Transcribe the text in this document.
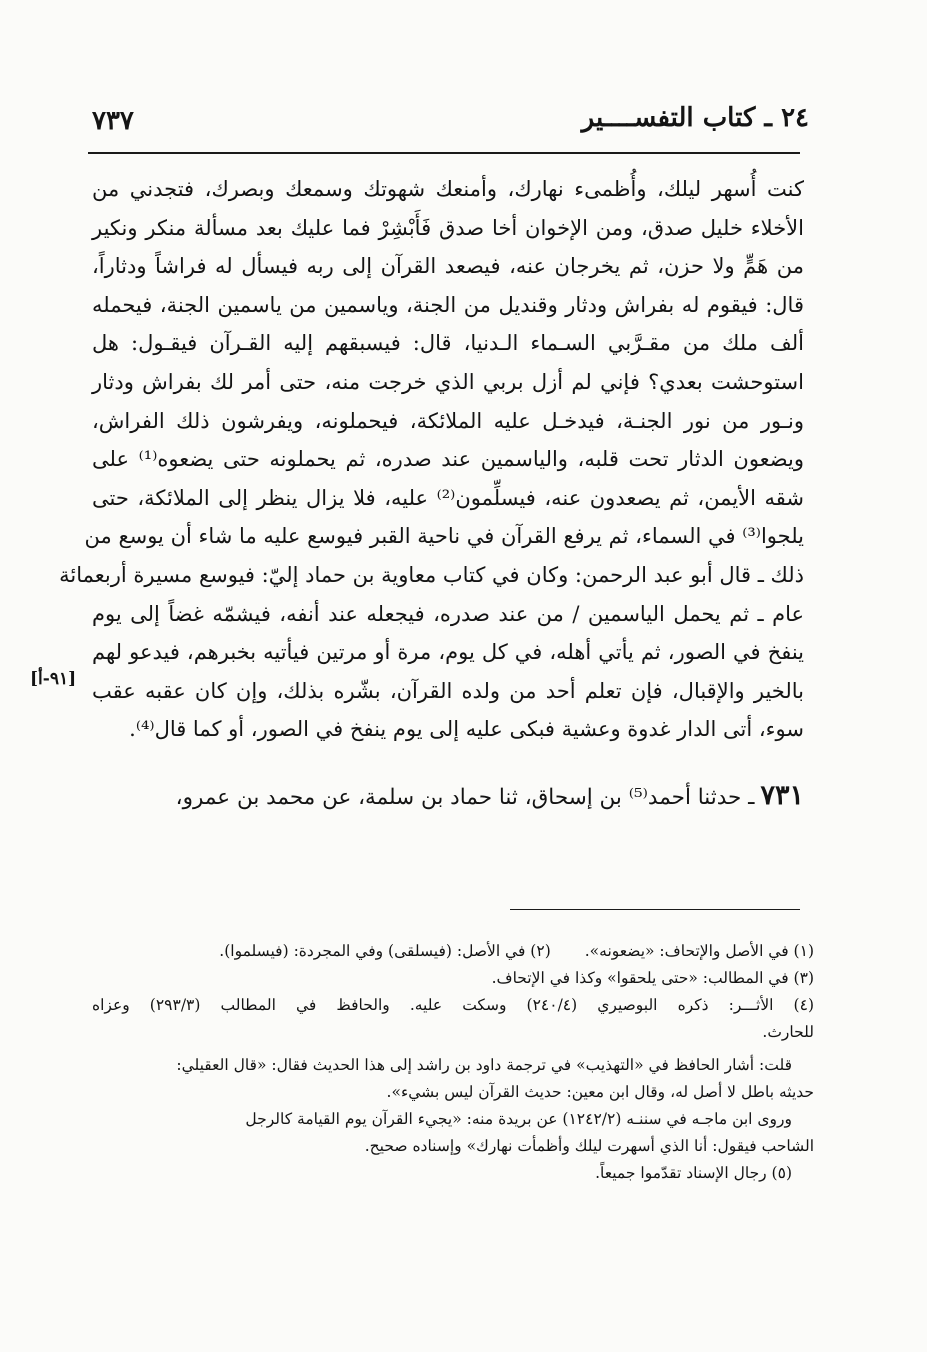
٢٤ ـ كتاب التفســــير
٧٣٧
كنت أُسهر ليلك، وأُظمىء نهارك، وأمنعك شهوتك وسمعك وبصرك، فتجدني من
الأخلاء خليل صدق، ومن الإخوان أخا صدق فَأَبْشِرْ فما عليك بعد مسألة منكر ونكير
من هَمٍّ ولا حزن، ثم يخرجان عنه، فيصعد القرآن إلى ربه فيسأل له فراشاً ودثاراً،
قال: فيقوم له بفراش ودثار وقنديل من الجنة، وياسمين من ياسمين الجنة، فيحمله
ألف ملك من مقـرَّبي السـماء الـدنيا، قال: فيسبقهم إليه القـرآن فيقـول: هل
استوحشت بعدي؟ فإني لم أزل بربي الذي خرجت منه، حتى أمر لك بفراش ودثار
ونـور من نور الجنـة، فيدخـل عليه الملائكة، فيحملونه، ويفرشون ذلك الفراش،
ويضعون الدثار تحت قلبه، والياسمين عند صدره، ثم يحملونه حتى يضعوه⁽¹⁾ على
شقه الأيمن، ثم يصعدون عنه، فيسلِّمون⁽²⁾ عليه، فلا يزال ينظر إلى الملائكة، حتى
يلجوا⁽³⁾ في السماء، ثم يرفع القرآن في ناحية القبر فيوسع عليه ما شاء أن يوسع من
ذلك ـ قال أبو عبد الرحمن: وكان في كتاب معاوية بن حماد إليّ: فيوسع مسيرة أربعمائة
عام ـ ثم يحمل الياسمين / من عند صدره، فيجعله عند أنفه، فيشمّه غضاً إلى يوم
ينفخ في الصور، ثم يأتي أهله، في كل يوم، مرة أو مرتين فيأتيه بخبرهم، فيدعو لهم
بالخير والإقبال، فإن تعلم أحد من ولده القرآن، بشّره بذلك، وإن كان عقبه عقب
سوء، أتى الدار غدوة وعشية فبكى عليه إلى يوم ينفخ في الصور، أو كما قال⁽⁴⁾.
٧٣١ـ حدثنا أحمد⁽⁵⁾ بن إسحاق، ثنا حماد بن سلمة، عن محمد بن عمرو،
[٩١-أ]
(١) في الأصل والإتحاف: «يضعونه».
(٢) في الأصل: (فيسلقى) وفي المجردة: (فيسلموا).
(٣) في المطالب: «حتى يلحقوا» وكذا في الإتحاف.
(٤) الأثـــر: ذكره البوصيري (٢٤٠/٤) وسكت عليه. والحافظ في المطالب (٢٩٣/٣) وعزاه
للحارث.
قلت: أشار الحافظ في «التهذيب» في ترجمة داود بن راشد إلى هذا الحديث فقال: «قال العقيلي:
حديثه باطل لا أصل له، وقال ابن معين: حديث القرآن ليس بشيء».
وروى ابن ماجـه في سننـه (١٢٤٢/٢) عن بريدة منه: «يجيء القرآن يوم القيامة كالرجل
الشاحب فيقول: أنا الذي أسهرت ليلك وأظمأت نهارك» وإسناده صحيح.
(٥) رجال الإسناد تقدّموا جميعاً.
